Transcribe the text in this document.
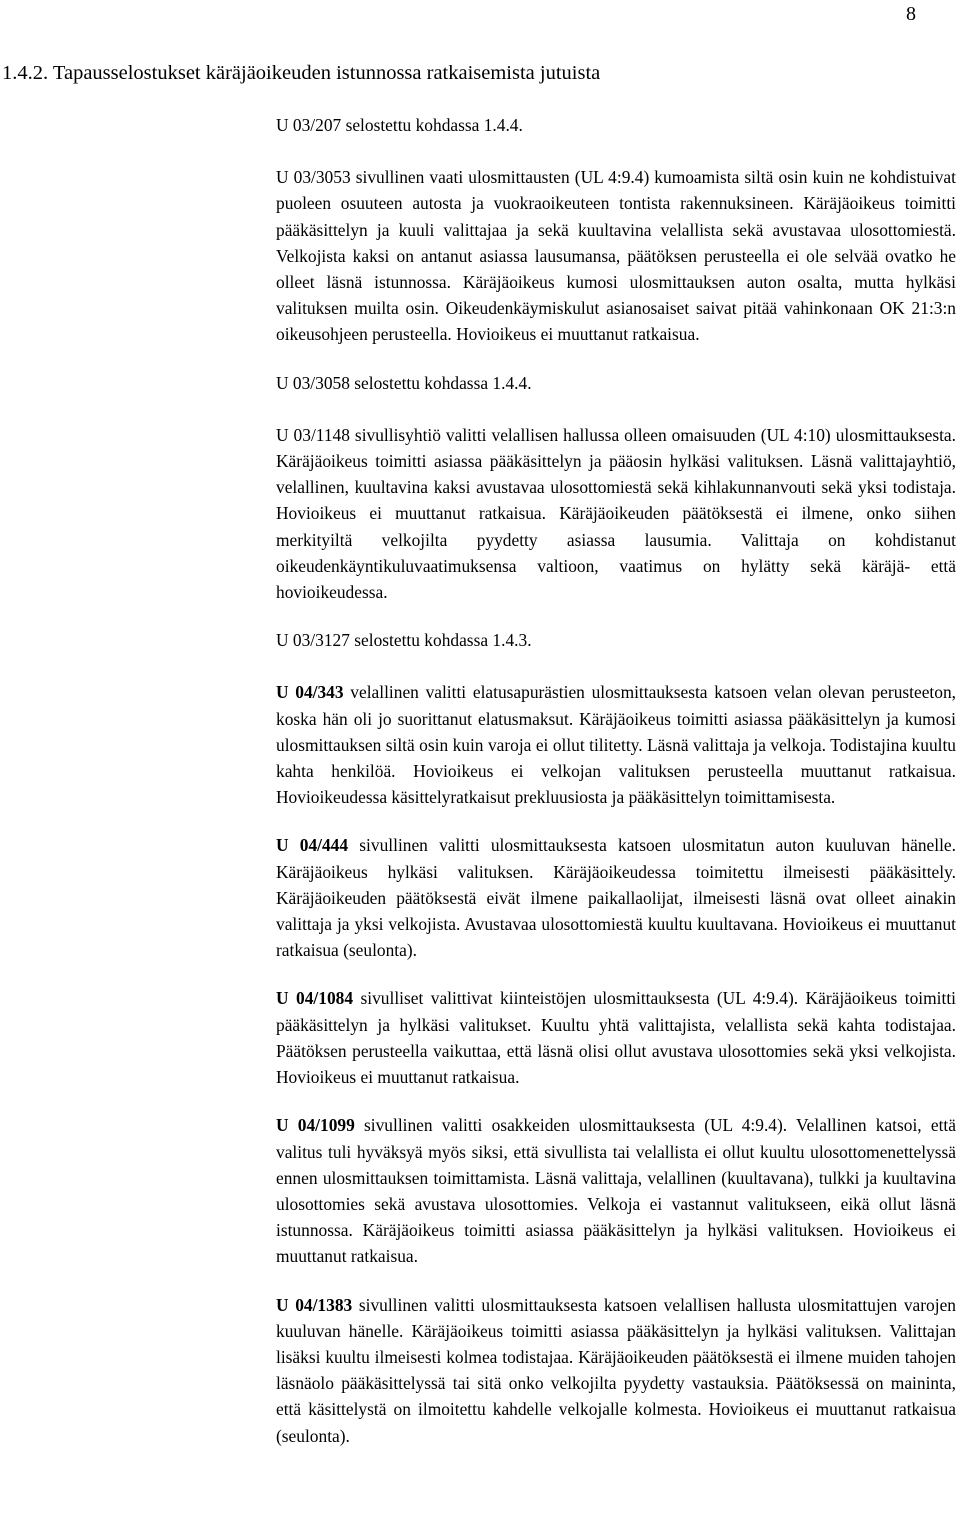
8
1.4.2. Tapausselostukset käräjäoikeuden istunnossa ratkaisemista jutuista

U 03/207 selostettu kohdassa 1.4.4.

U 03/3053 sivullinen vaati ulosmittausten (UL 4:9.4) kumoamista siltä osin kuin ne kohdistuivat puoleen osuuteen autosta ja vuokraoikeuteen tontista rakennuksineen. Käräjäoikeus toimitti pääkäsittelyn ja kuuli valittajaa ja sekä kuultavina velallista sekä avustavaa ulosottomiestä. Velkojista kaksi on antanut asiassa lausumansa, päätöksen perusteella ei ole selvää ovatko he olleet läsnä istunnossa. Käräjäoikeus kumosi ulosmittauksen auton osalta, mutta hylkäsi valituksen muilta osin. Oikeudenkäymiskulut asianosaiset saivat pitää vahinkonaan OK 21:3:n oikeusohjeen perusteella. Hovioikeus ei muuttanut ratkaisua.

U 03/3058 selostettu kohdassa 1.4.4.

U 03/1148 sivullisyhtiö valitti velallisen hallussa olleen omaisuuden (UL 4:10) ulosmittauksesta. Käräjäoikeus toimitti asiassa pääkäsittelyn ja pääosin hylkäsi valituksen. Läsnä valittajayhtiö, velallinen, kuultavina kaksi avustavaa ulosottomiestä sekä kihlakunnanvouti sekä yksi todistaja. Hovioikeus ei muuttanut ratkaisua. Käräjäoikeuden päätöksestä ei ilmene, onko siihen merkityiltä velkojilta pyydetty asiassa lausumia. Valittaja on kohdistanut oikeudenkäyntikuluvaatimuksensa valtioon, vaatimus on hylätty sekä käräjä- että hovioikeudessa.

U 03/3127 selostettu kohdassa 1.4.3.

U 04/343 velallinen valitti elatusapurästien ulosmittauksesta katsoen velan olevan perusteeton, koska hän oli jo suorittanut elatusmaksut. Käräjäoikeus toimitti asiassa pääkäsittelyn ja kumosi ulosmittauksen siltä osin kuin varoja ei ollut tilitetty. Läsnä valittaja ja velkoja. Todistajina kuultu kahta henkilöä. Hovioikeus ei velkojan valituksen perusteella muuttanut ratkaisua. Hovioikeudessa käsittelyratkaisut prekluusiosta ja pääkäsittelyn toimittamisesta.

U 04/444 sivullinen valitti ulosmittauksesta katsoen ulosmitatun auton kuuluvan hänelle. Käräjäoikeus hylkäsi valituksen. Käräjäoikeudessa toimitettu ilmeisesti pääkäsittely. Käräjäoikeuden päätöksestä eivät ilmene paikallaolijat, ilmeisesti läsnä ovat olleet ainakin valittaja ja yksi velkojista. Avustavaa ulosottomiestä kuultu kuultavana. Hovioikeus ei muuttanut ratkaisua (seulonta).

U 04/1084 sivulliset valittivat kiinteistöjen ulosmittauksesta (UL 4:9.4). Käräjäoikeus toimitti pääkäsittelyn ja hylkäsi valitukset. Kuultu yhtä valittajista, velallista sekä kahta todistajaa. Päätöksen perusteella vaikuttaa, että läsnä olisi ollut avustava ulosottomies sekä yksi velkojista. Hovioikeus ei muuttanut ratkaisua.

U 04/1099 sivullinen valitti osakkeiden ulosmittauksesta (UL 4:9.4). Velallinen katsoi, että valitus tuli hyväksyä myös siksi, että sivullista tai velallista ei ollut kuultu ulosottomenettelyssä ennen ulosmittauksen toimittamista. Läsnä valittaja, velallinen (kuultavana), tulkki ja kuultavina ulosottomies sekä avustava ulosottomies. Velkoja ei vastannut valitukseen, eikä ollut läsnä istunnossa. Käräjäoikeus toimitti asiassa pääkäsittelyn ja hylkäsi valituksen. Hovioikeus ei muuttanut ratkaisua.

U 04/1383 sivullinen valitti ulosmittauksesta katsoen velallisen hallusta ulosmitattujen varojen kuuluvan hänelle. Käräjäoikeus toimitti asiassa pääkäsittelyn ja hylkäsi valituksen. Valittajan lisäksi kuultu ilmeisesti kolmea todistajaa. Käräjäoikeuden päätöksestä ei ilmene muiden tahojen läsnäolo pääkäsittelyssä tai sitä onko velkojilta pyydetty vastauksia. Päätöksessä on maininta, että käsittelystä on ilmoitettu kahdelle velkojalle kolmesta. Hovioikeus ei muuttanut ratkaisua (seulonta).
